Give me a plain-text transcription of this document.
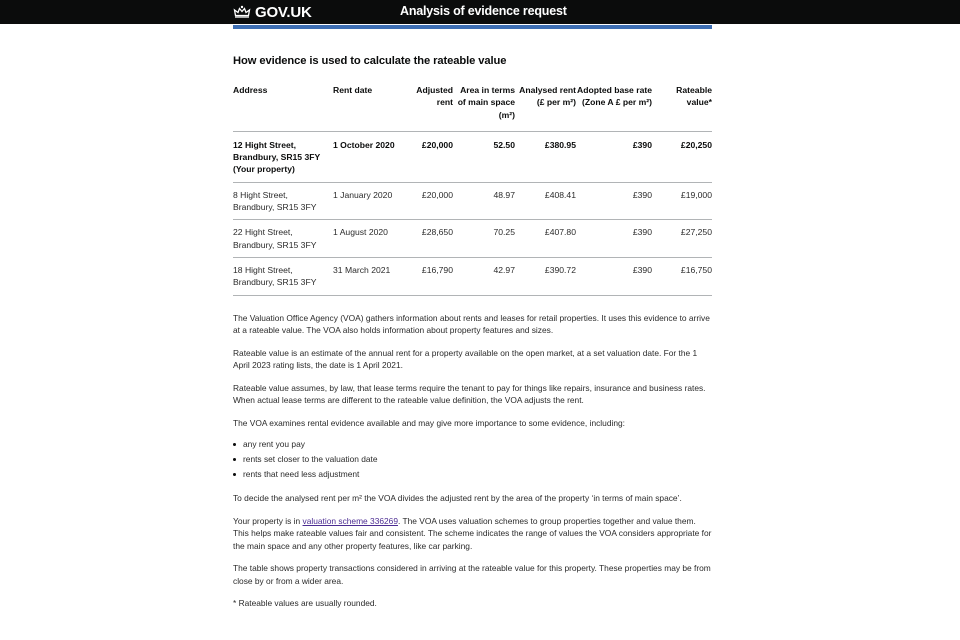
GOV.UK	Analysis of evidence request
How evidence is used to calculate the rateable value
Address	Rent date	Adjusted rent	Area in terms of main space (m²)	Analysed rent (£ per m²)	Adopted base rate (Zone A £ per m²)	Rateable value*

12 Hight Street,
Brandbury, SR15 3FY
(Your property)	1 October 2020	£20,000	52.50	£380.95	£390	£20,250

8 Hight Street,
Brandbury, SR15 3FY	1 January 2020	£20,000	48.97	£408.41	£390	£19,000

22 Hight Street,
Brandbury, SR15 3FY	1 August 2020	£28,650	70.25	£407.80	£390	£27,250

18 Hight Street,
Brandbury, SR15 3FY	31 March 2021	£16,790	42.97	£390.72	£390	£16,750

The Valuation Office Agency (VOA) gathers information about rents and leases for retail properties. It uses this evidence to arrive at a rateable value. The VOA also holds information about property features and sizes.

Rateable value is an estimate of the annual rent for a property available on the open market, at a set valuation date. For the 1 April 2023 rating lists, the date is 1 April 2021.

Rateable value assumes, by law, that lease terms require the tenant to pay for things like repairs, insurance and business rates. When actual lease terms are different to the rateable value definition, the VOA adjusts the rent.

The VOA examines rental evidence available and may give more importance to some evidence, including:

any rent you pay
rents set closer to the valuation date
rents that need less adjustment

To decide the analysed rent per m² the VOA divides the adjusted rent by the area of the property ‘in terms of main space’.

Your property is in valuation scheme 336269. The VOA uses valuation schemes to group properties together and value them. This helps make rateable values fair and consistent. The scheme indicates the range of values the VOA considers appropriate for the main space and any other property features, like car parking.

The table shows property transactions considered in arriving at the rateable value for this property. These properties may be from close by or from a wider area.

* Rateable values are usually rounded.
